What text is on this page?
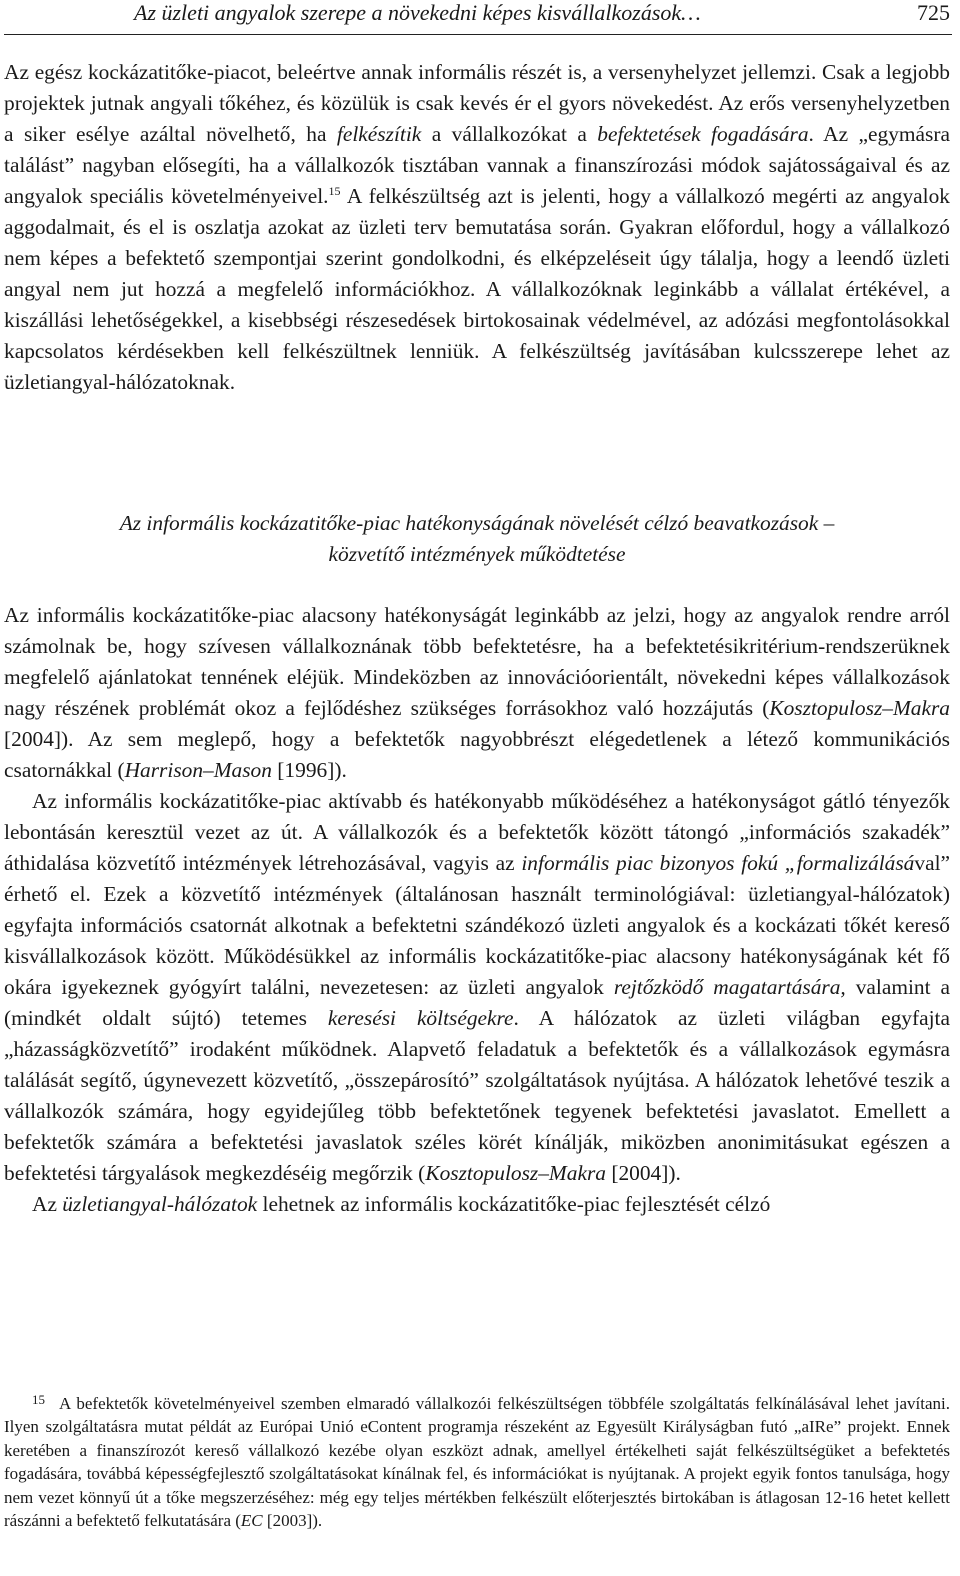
Az üzleti angyalok szerepe a növekedni képes kisvállalkozások…	725

Az egész kockázatitőke-piacot, beleértve annak informális részét is, a versenyhelyzet jellemzi. Csak a legjobb projektek jutnak angyali tőkéhez, és közülük is csak kevés ér el gyors növekedést. Az erős versenyhelyzetben a siker esélye azáltal növelhető, ha felkészítik a vállalkozókat a befektetések fogadására. Az „egymásra találást” nagyban elősegíti, ha a vállalkozók tisztában vannak a finanszírozási módok sajátosságaival és az angyalok speciális követelményeivel.$^{15}$ A felkészültség azt is jelenti, hogy a vállalkozó megérti az angyalok aggodalmait, és el is oszlatja azokat az üzleti terv bemutatása során. Gyakran előfordul, hogy a vállalkozó nem képes a befektető szempontjai szerint gondolkodni, és elképzeléseit úgy tálalja, hogy a leendő üzleti angyal nem jut hozzá a megfelelő információkhoz. A vállalkozóknak leginkább a vállalat értékével, a kiszállási lehetőségekkel, a kisebbségi részesedések birtokosainak védelmével, az adózási megfontolásokkal kapcsolatos kérdésekben kell felkészültnek lenniük. A felkészültség javításában kulcsszerepe lehet az üzletiangyal-hálózatoknak.

Az informális kockázatitőke-piac hatékonyságának növelését célzó beavatkozások –
közvetítő intézmények működtetése

Az informális kockázatitőke-piac alacsony hatékonyságát leginkább az jelzi, hogy az angyalok rendre arról számolnak be, hogy szívesen vállalkoznának több befektetésre, ha a befektetésikritérium-rendszerüknek megfelelő ajánlatokat tennének eléjük. Mindeközben az innovációorientált, növekedni képes vállalkozások nagy részének problémát okoz a fejlődéshez szükséges forrásokhoz való hozzájutás (Kosztopulosz–Makra [2004]). Az sem meglepő, hogy a befektetők nagyobbrészt elégedetlenek a létező kommunikációs csatornákkal (Harrison–Mason [1996]).

Az informális kockázatitőke-piac aktívabb és hatékonyabb működéséhez a hatékonyságot gátló tényezők lebontásán keresztül vezet az út. A vállalkozók és a befektetők között tátongó „információs szakadék” áthidalása közvetítő intézmények létrehozásával, vagyis az informális piac bizonyos fokú „formalizálásával” érhető el. Ezek a közvetítő intézmények (általánosan használt terminológiával: üzletiangyal-hálózatok) egyfajta információs csatornát alkotnak a befektetni szándékozó üzleti angyalok és a kockázati tőkét kereső kisvállalkozások között. Működésükkel az informális kockázatitőke-piac alacsony hatékonyságának két fő okára igyekeznek gyógyírt találni, nevezetesen: az üzleti angyalok rejtőzködő magatartására, valamint a (mindkét oldalt sújtó) tetemes keresési költségekre. A hálózatok az üzleti világban egyfajta „házasságközvetítő” irodaként működnek. Alapvető feladatuk a befektetők és a vállalkozások egymásra találását segítő, úgyneveze​tt közvetítő, „összepárosító” szolgáltatások nyújtása. A hálózatok lehetővé teszik a vállalkozók számára, hogy egyidejűleg több befektetőnek tegyenek befektetési javaslatot. Emellett a befektetők számára a befektetési javaslatok széles körét kínálják, miközben anonimitásukat egészen a befektetési tárgyalások megkezdéséig megőrzik (Kosztopulosz–Makra [2004]).

Az üzletiangyal-hálózatok lehetnek az informális kockázatitőke-piac fejlesztését célzó

$^{15}$ A befektetők követelményeivel szemben elmaradó vállalkozói felkészültségen többféle szolgáltatás felkínálásával lehet javítani. Ilyen szolgáltatásra mutat példát az Európai Unió eContent programja részeként az Egyesült Királyságban futó „aIRe” projekt. Ennek keretében a finanszírozót kereső vállalkozó kezébe olyan eszközt adnak, amellyel értékelheti saját felkészültségüket a befektetés fogadására, továbbá képességfejlesztő szolgáltatásokat kínálnak fel, és információkat is nyújtanak. A projekt egyik fontos tanulsága, hogy nem vezet könnyű út a tőke megszerzéséhez: még egy teljes mértékben felkészült előterjesztés birtokában is átlagosan 12-16 hetet kellett rászánni a befektető felkutatására (EC [2003]).
